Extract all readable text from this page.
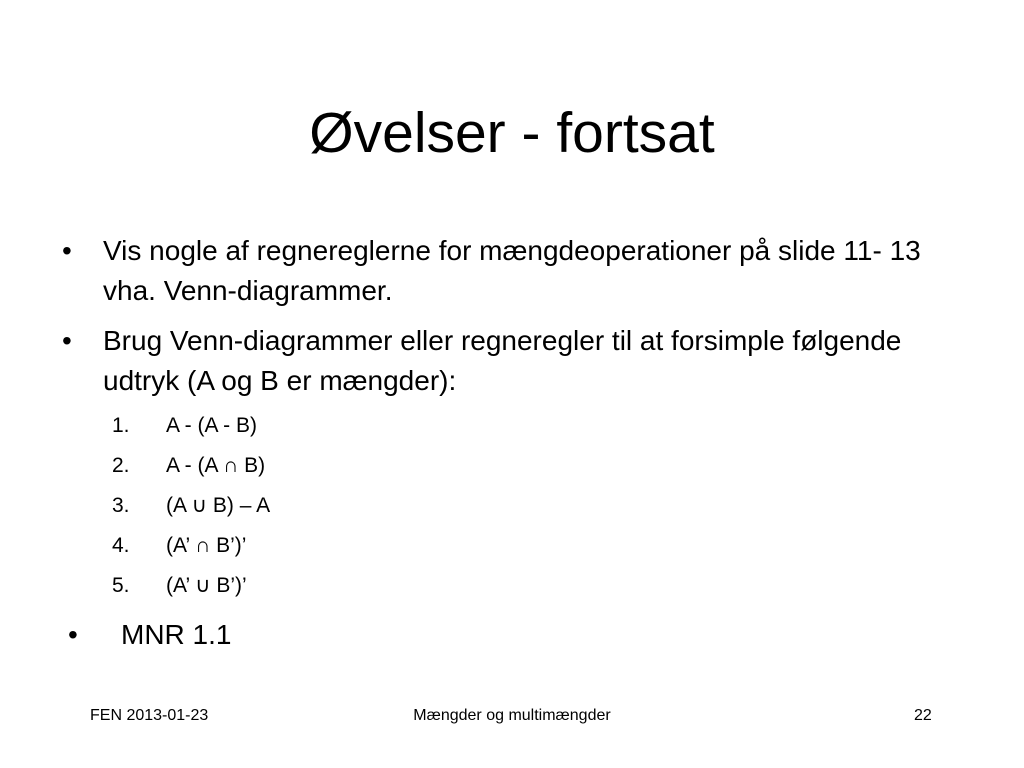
Øvelser - fortsat
• Vis nogle af regnereglerne for mængdeoperationer på slide 11- 13 vha. Venn-diagrammer.
• Brug Venn-diagrammer eller regneregler til at forsimple følgende udtryk (A og B er mængder):
1. A - (A - B)
2. A - (A ∩ B)
3. (A ∪ B) – A
4. (A’ ∩ B’)’
5. (A’ ∪ B’)’
• MNR 1.1
FEN 2013-01-23	Mængder og multimængder	22
